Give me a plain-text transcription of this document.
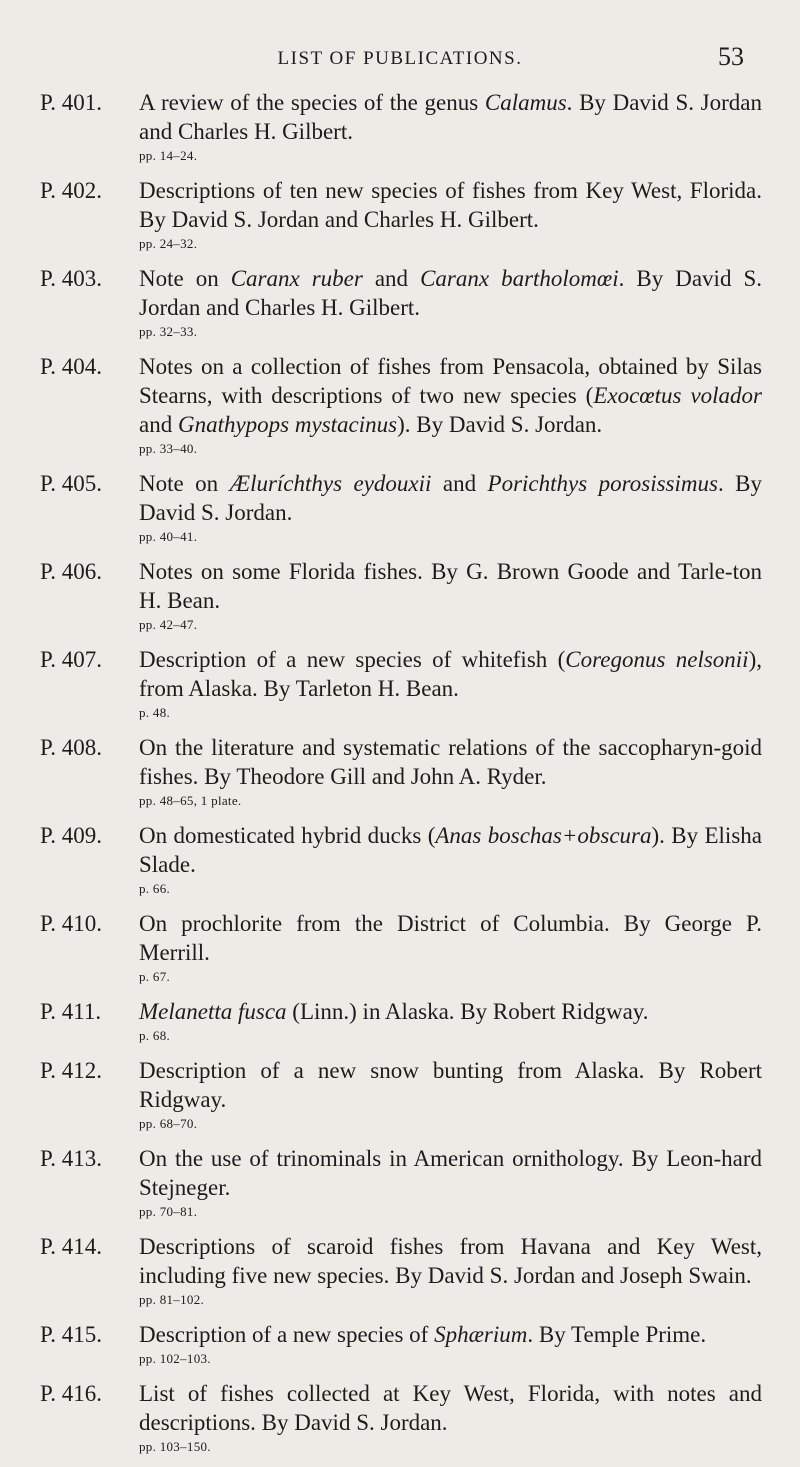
LIST OF PUBLICATIONS.	53
P. 401. A review of the species of the genus Calamus. By David S. Jordan and Charles H. Gilbert.
pp. 14–24.
P. 402. Descriptions of ten new species of fishes from Key West, Florida. By David S. Jordan and Charles H. Gilbert.
pp. 24–32.
P. 403. Note on Caranx ruber and Caranx bartholomœi. By David S. Jordan and Charles H. Gilbert.
pp. 32–33.
P. 404. Notes on a collection of fishes from Pensacola, obtained by Silas Stearns, with descriptions of two new species (Exocœtus volador and Gnathypops mystacinus). By David S. Jordan.
pp. 33–40.
P. 405. Note on Æluríchthys eydouxii and Porichthys porosissimus. By David S. Jordan.
pp. 40–41.
P. 406. Notes on some Florida fishes. By G. Brown Goode and Tarle-ton H. Bean.
pp. 42–47.
P. 407. Description of a new species of whitefish (Coregonus nelsonii), from Alaska. By Tarleton H. Bean.
p. 48.
P. 408. On the literature and systematic relations of the saccopharyn-goid fishes. By Theodore Gill and John A. Ryder.
pp. 48–65, 1 plate.
P. 409. On domesticated hybrid ducks (Anas boschas+obscura). By Elisha Slade.
p. 66.
P. 410. On prochlorite from the District of Columbia. By George P. Merrill.
p. 67.
P. 411. Melanetta fusca (Linn.) in Alaska. By Robert Ridgway.
p. 68.
P. 412. Description of a new snow bunting from Alaska. By Robert Ridgway.
pp. 68–70.
P. 413. On the use of trinominals in American ornithology. By Leon-hard Stejneger.
pp. 70–81.
P. 414. Descriptions of scaroid fishes from Havana and Key West, including five new species. By David S. Jordan and Joseph Swain.
pp. 81–102.
P. 415. Description of a new species of Sphærium. By Temple Prime.
pp. 102–103.
P. 416. List of fishes collected at Key West, Florida, with notes and descriptions. By David S. Jordan.
pp. 103–150.
